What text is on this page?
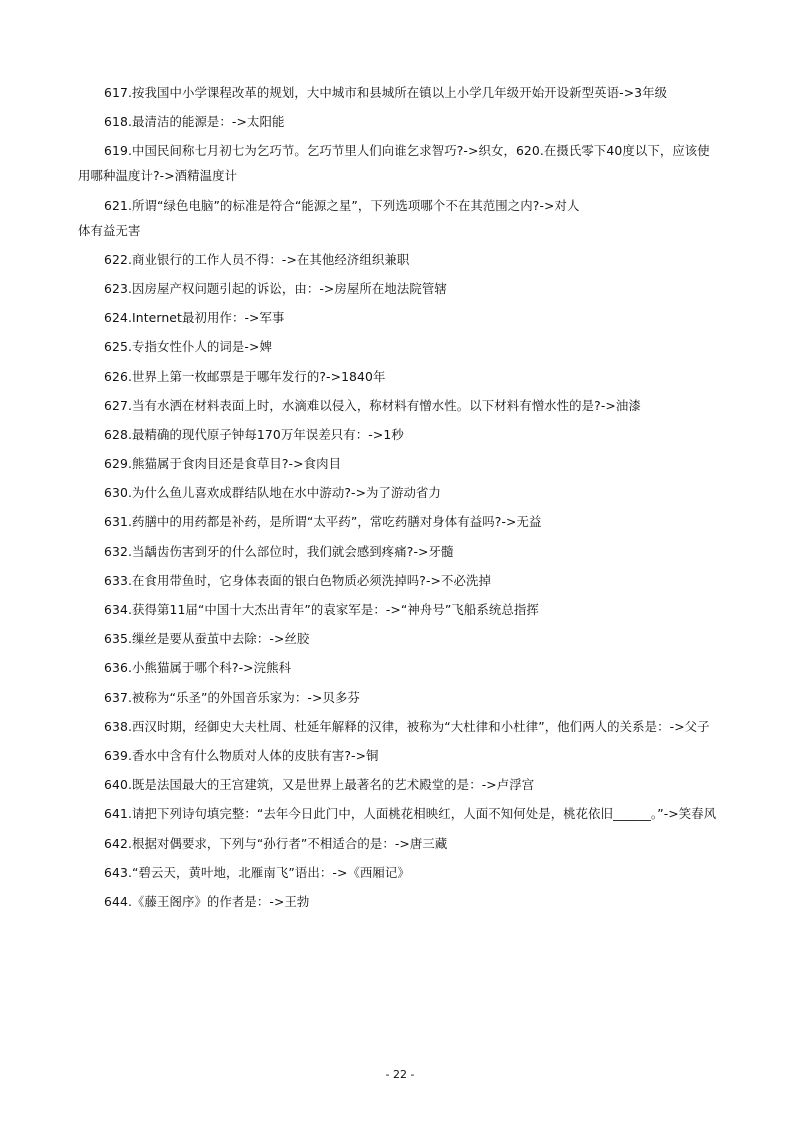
617.按我国中小学课程改革的规划，大中城市和县城所在镇以上小学几年级开始开设新型英语->3年级

618.最清洁的能源是：->太阳能

619.中国民间称七月初七为乞巧节。乞巧节里人们向谁乞求智巧?->织女，620.在摄氏零下40度以下，应该使用哪种温度计?->酒精温度计

621.所谓“绿色电脑”的标准是符合“能源之星”，下列选项哪个不在其范围之内?->对人
体有益无害

622.商业银行的工作人员不得：->在其他经济组织兼职

623.因房屋产权问题引起的诉讼，由：->房屋所在地法院管辖

624.Internet最初用作：->军事

625.专指女性仆人的词是->婢

626.世界上第一枚邮票是于哪年发行的?->1840年

627.当有水洒在材料表面上时，水滴难以侵入，称材料有憎水性。以下材料有憎水性的是?->油漆

628.最精确的现代原子钟每170万年误差只有：->1秒

629.熊猫属于食肉目还是食草目?->食肉目

630.为什么鱼儿喜欢成群结队地在水中游动?->为了游动省力

631.药膳中的用药都是补药，是所谓“太平药”，常吃药膳对身体有益吗?->无益

632.当龋齿伤害到牙的什么部位时，我们就会感到疼痛?->牙髓

633.在食用带鱼时，它身体表面的银白色物质必须洗掉吗?->不必洗掉

634.获得第11届“中国十大杰出青年”的袁家军是：->“神舟号”飞船系统总指挥

635.缫丝是要从蚕茧中去除：->丝胶

636.小熊猫属于哪个科?->浣熊科

637.被称为“乐圣”的外国音乐家为：->贝多芬

638.西汉时期，经御史大夫杜周、杜延年解释的汉律，被称为“大杜律和小杜律”，他们两人的关系是：->父子

639.香水中含有什么物质对人体的皮肤有害?->铜

640.既是法国最大的王宫建筑，又是世界上最著名的艺术殿堂的是：->卢浮宫

641.请把下列诗句填完整：“去年今日此门中，人面桃花相映红，人面不知何处是，桃花依旧______。”->笑春风

642.根据对偶要求，下列与“孙行者”不相适合的是：->唐三藏

643.“碧云天，黄叶地，北雁南飞”语出：->《西厢记》

644.《藤王阁序》的作者是：->王勃

- 22 -
